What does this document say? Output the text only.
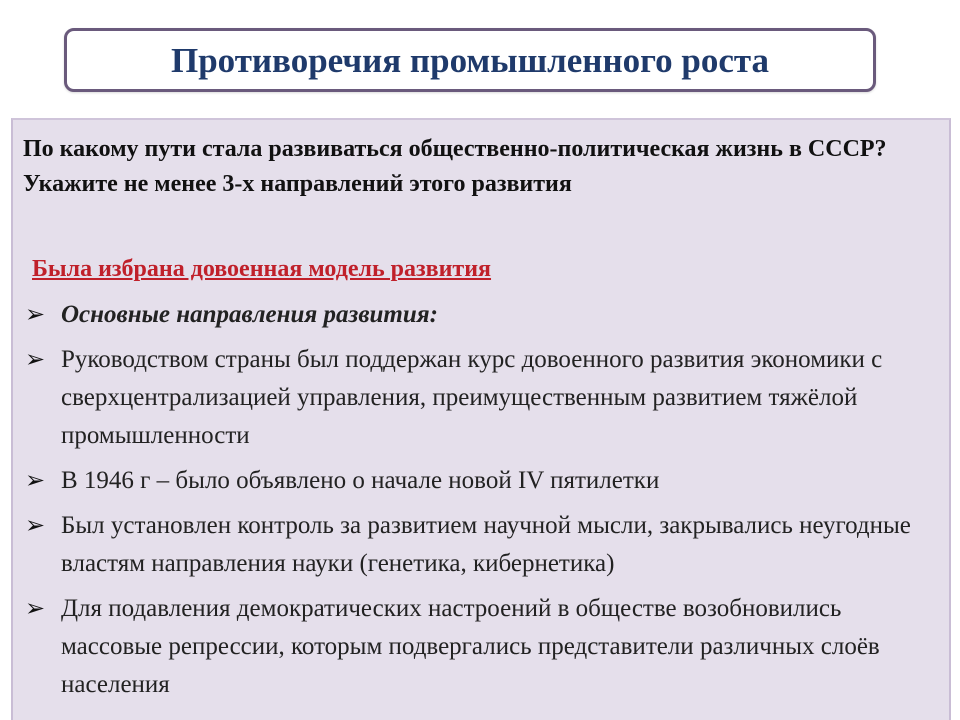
Противоречия промышленного роста

По какому пути стала развиваться общественно-политическая жизнь в СССР? Укажите не менее 3-х направлений этого развития

Была избрана довоенная модель развития

➢ Основные направления развития:
➢ Руководством страны был поддержан курс довоенного развития экономики с сверхцентрализацией управления, преимущественным развитием тяжёлой промышленности
➢ В 1946 г – было объявлено о начале новой IV пятилетки
➢ Был установлен контроль за развитием научной мысли, закрывались неугодные властям направления науки (генетика, кибернетика)
➢ Для подавления демократических настроений в обществе возобновились массовые репрессии, которым подвергались представители различных слоёв населения
